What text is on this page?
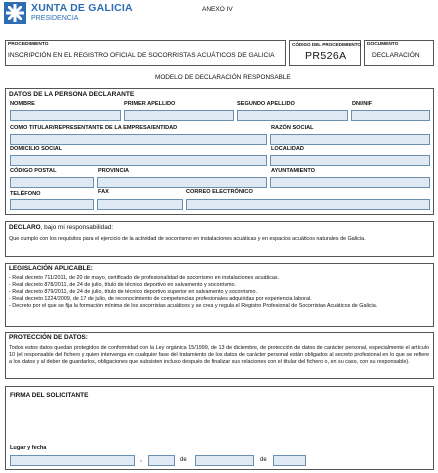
XUNTA DE GALICIA
PRESIDENCIA
ANEXO IV
PROCEDIMIENTO
INSCRIPCIÓN EN EL REGISTRO OFICIAL DE SOCORRISTAS ACUÁTICOS DE GALICIA
CÓDIGO DEL PROCEDIMIENTO
PR526A
DOCUMENTO
DECLARACIÓN
MODELO DE DECLARACIÓN RESPONSABLE
DATOS DE LA PERSONA DECLARANTE
NOMBRE	PRIMER APELLIDO	SEGUNDO APELLIDO	DNI/NIF
COMO TITULAR/REPRESENTANTE DE LA EMPRESA/ENTIDAD	RAZÓN SOCIAL
DOMICILIO SOCIAL	LOCALIDAD
CÓDIGO POSTAL	PROVINCIA	AYUNTAMIENTO
TELÉFONO	FAX	CORREO ELECTRÓNICO
DECLARO, bajo mi responsabilidad:
Que cumplo con los requisitos para el ejercicio de la actividad de socorrismo en instalaciones acuáticas y en espacios acuáticos naturales de Galicia.
LEGISLACIÓN APLICABLE:
- Real decreto 711/2011, de 20 de mayo, certificado de profesionalidad de socorrismo en instalaciones acuáticas.
- Real decreto 878/2011, de 24 de julio, título de técnico deportivo en salvamento y socorrismo.
- Real decreto 879/2011, de 24 de julio, título de técnico deportivo superior en salvamento y socorrismo.
- Real decreto 1224/2009, de 17 de julio, de reconocimiento de competencias profesionales adquiridas por experiencia laboral.
- Decreto por el que se fija la formación mínima de los socorristas acuáticos y se crea y regula el Registro Profesional de Socorristas Acuáticos de Galicia.
PROTECCIÓN DE DATOS:
Todos estos datos quedan protegidos de conformidad con la Ley orgánica 15/1999, de 13 de diciembre, de protección de datos de carácter personal, especialmente el artículo 10 (el responsable del fichero y quien intervenga en cualquier fase del tratamiento de los datos de carácter personal están obligados al secreto profesional en lo que se refiere a los datos y al deber de guardarlos, obligaciones que subsisten incluso después de finalizar sus relaciones con el titular del fichero o, en su caso, con su responsable).
FIRMA DEL SOLICITANTE
Lugar y fecha
,	de	de
